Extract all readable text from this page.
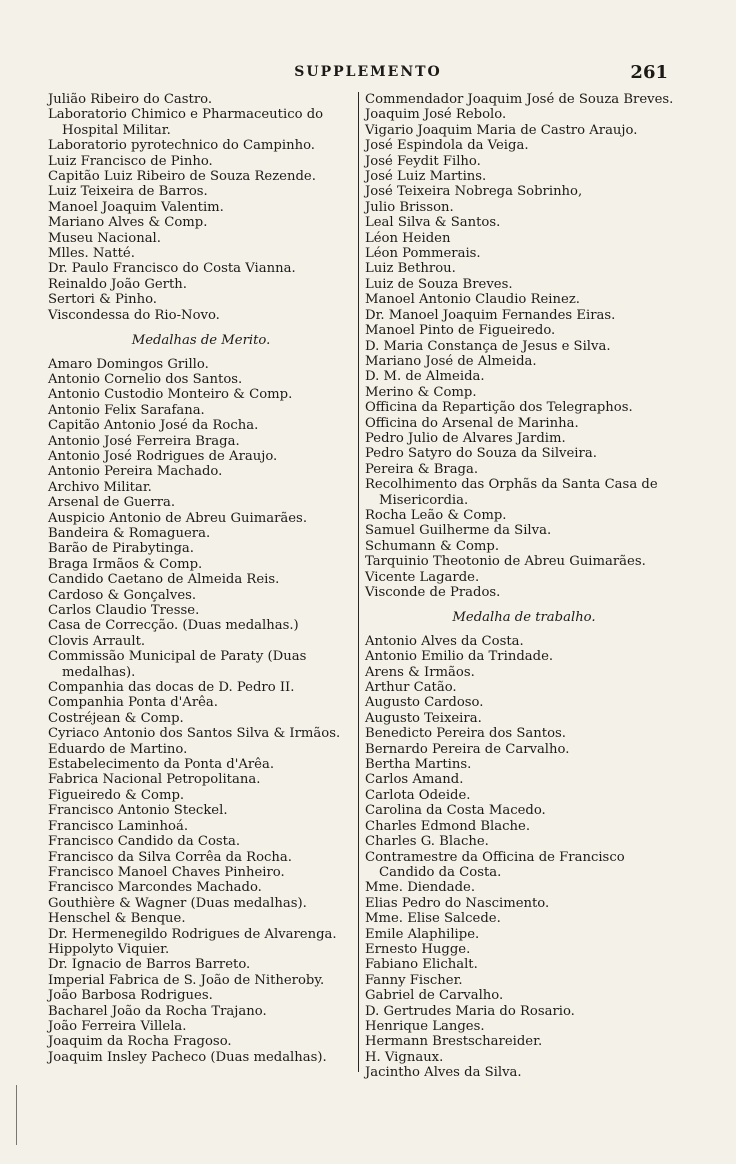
SUPPLEMENTO	261
Julião Ribeiro do Castro.
Laboratorio Chimico e Pharmaceutico do Hospital Militar.
Laboratorio pyrotechnico do Campinho.
Luiz Francisco de Pinho.
Capitão Luiz Ribeiro de Souza Rezende.
Luiz Teixeira de Barros.
Manoel Joaquim Valentim.
Mariano Alves & Comp.
Museu Nacional.
Mlles. Natté.
Dr. Paulo Francisco do Costa Vianna.
Reinaldo João Gerth.
Sertori & Pinho.
Viscondessa do Rio-Novo.
Medalhas de Merito.
Amaro Domingos Grillo.
Antonio Cornelio dos Santos.
Antonio Custodio Monteiro & Comp.
Antonio Felix Sarafana.
Capitão Antonio José da Rocha.
Antonio José Ferreira Braga.
Antonio José Rodrigues de Araujo.
Antonio Pereira Machado.
Archivo Militar.
Arsenal de Guerra.
Auspicio Antonio de Abreu Guimarães.
Bandeira & Romaguera.
Barão de Pirabytinga.
Braga Irmãos & Comp.
Candido Caetano de Almeida Reis.
Cardoso & Gonçalves.
Carlos Claudio Tresse.
Casa de Correcção. (Duas medalhas.)
Clovis Arrault.
Commissão Municipal de Paraty (Duas medalhas).
Companhia das docas de D. Pedro II.
Companhia Ponta d'Arêa.
Costréjean & Comp.
Cyriaco Antonio dos Santos Silva & Irmãos.
Eduardo de Martino.
Estabelecimento da Ponta d'Arêa.
Fabrica Nacional Petropolitana.
Figueiredo & Comp.
Francisco Antonio Steckel.
Francisco Laminhoá.
Francisco Candido da Costa.
Francisco da Silva Corrêa da Rocha.
Francisco Manoel Chaves Pinheiro.
Francisco Marcondes Machado.
Gouthière & Wagner (Duas medalhas).
Henschel & Benque.
Dr. Hermenegildo Rodrigues de Alvarenga.
Hippolyto Viquier.
Dr. Ignacio de Barros Barreto.
Imperial Fabrica de S. João de Nitheroby.
João Barbosa Rodrigues.
Bacharel João da Rocha Trajano.
João Ferreira Villela.
Joaquim da Rocha Fragoso.
Joaquim Insley Pacheco (Duas medalhas).
Commendador Joaquim José de Souza Breves.
Joaquim José Rebolo.
Vigario Joaquim Maria de Castro Araujo.
José Espindola da Veiga.
José Feydit Filho.
José Luiz Martins.
José Teixeira Nobrega Sobrinho,
Julio Brisson.
Leal Silva & Santos.
Léon Heiden
Léon Pommerais.
Luiz Bethrou.
Luiz de Souza Breves.
Manoel Antonio Claudio Reinez.
Dr. Manoel Joaquim Fernandes Eiras.
Manoel Pinto de Figueiredo.
D. Maria Constança de Jesus e Silva.
Mariano José de Almeida.
D. M. de Almeida.
Merino & Comp.
Officina da Repartição dos Telegraphos.
Officina do Arsenal de Marinha.
Pedro Julio de Alvares Jardim.
Pedro Satyro do Souza da Silveira.
Pereira & Braga.
Recolhimento das Orphãs da Santa Casa de Misericordia.
Rocha Leão & Comp.
Samuel Guilherme da Silva.
Schumann & Comp.
Tarquinio Theotonio de Abreu Guimarães.
Vicente Lagarde.
Visconde de Prados.
Medalha de trabalho.
Antonio Alves da Costa.
Antonio Emilio da Trindade.
Arens & Irmãos.
Arthur Catão.
Augusto Cardoso.
Augusto Teixeira.
Benedicto Pereira dos Santos.
Bernardo Pereira de Carvalho.
Bertha Martins.
Carlos Amand.
Carlota Odeide.
Carolina da Costa Macedo.
Charles Edmond Blache.
Charles G. Blache.
Contramestre da Officina de Francisco Candido da Costa.
Mme. Diendade.
Elias Pedro do Nascimento.
Mme. Elise Salcede.
Emile Alaphilipe.
Ernesto Hugge.
Fabiano Elichalt.
Fanny Fischer.
Gabriel de Carvalho.
D. Gertrudes Maria do Rosario.
Henrique Langes.
Hermann Brestschareider.
H. Vignaux.
Jacintho Alves da Silva.
